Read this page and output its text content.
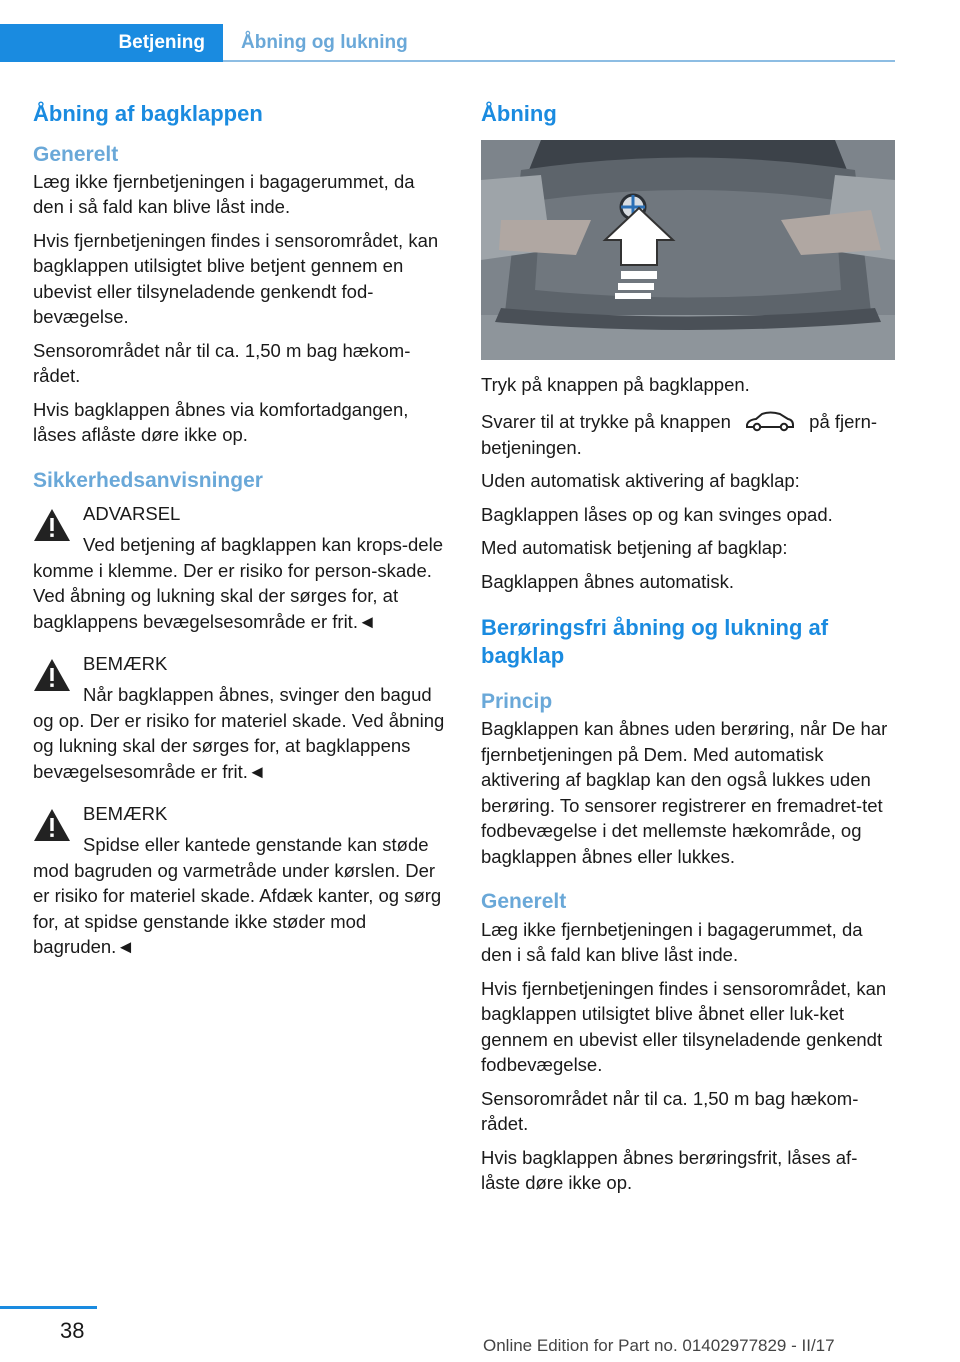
Betjening Åbning og lukning
Åbning af bagklappen
Generelt

Læg ikke fjernbetjeningen i bagagerummet, da den i så fald kan blive låst inde.

Hvis fjernbetjeningen findes i sensorområdet, kan bagklappen utilsigtet blive betjent gennem en ubevist eller tilsyneladende genkendt fod-bevægelse.

Sensorområdet når til ca. 1,50 m bag hækom-rådet.

Hvis bagklappen åbnes via komfortadgangen, låses aflåste døre ikke op.

Sikkerhedsanvisninger
ADVARSEL

Ved betjening af bagklappen kan krops-dele komme i klemme. Der er risiko for person-skade. Ved åbning og lukning skal der sørges for, at bagklappens bevægelsesområde er frit.◄

BEMÆRK

Når bagklappen åbnes, svinger den bagud og op. Der er risiko for materiel skade. Ved åbning og lukning skal der sørges for, at bagklappens bevægelsesområde er frit.◄

BEMÆRK

Spidse eller kantede genstande kan støde mod bagruden og varmetråde under kørslen. Der er risiko for materiel skade. Afdæk kanter, og sørg for, at spidse genstande ikke støder mod bagruden.◄

Åbning

Tryk på knappen på bagklappen.

Svarer til at trykke på knappen	på fjern-betjeningen.

Uden automatisk aktivering af bagklap:

Bagklappen låses op og kan svinges opad.

Med automatisk betjening af bagklap:

Bagklappen åbnes automatisk.

Berøringsfri åbning og lukning af bagklap
Princip

Bagklappen kan åbnes uden berøring, når De har fjernbetjeningen på Dem. Med automatisk aktivering af bagklap kan den også lukkes uden berøring. To sensorer registrerer en fremadret-tet fodbevægelse i det mellemste hækområde, og bagklappen åbnes eller lukkes.

Generelt

Læg ikke fjernbetjeningen i bagagerummet, da den i så fald kan blive låst inde.

Hvis fjernbetjeningen findes i sensorområdet, kan bagklappen utilsigtet blive åbnet eller luk-ket gennem en ubevist eller tilsyneladende genkendt fodbevægelse.

Sensorområdet når til ca. 1,50 m bag hækom-rådet.

Hvis bagklappen åbnes berøringsfrit, låses af-låste døre ikke op.

38
Online Edition for Part no. 01402977829 - II/17
